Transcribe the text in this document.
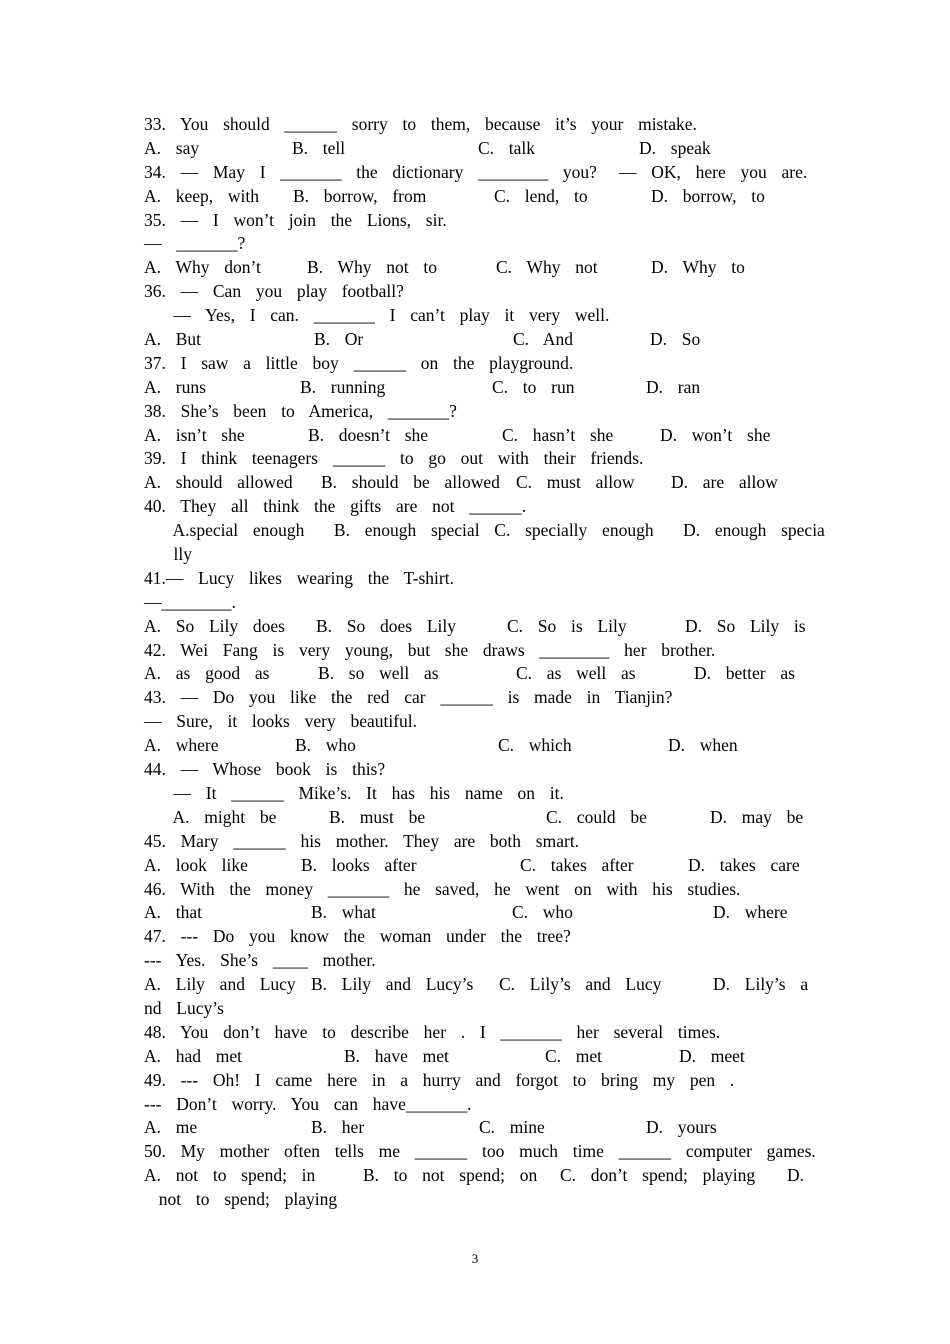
33.  You  should  ______  sorry  to  them,  because  it’s  your  mistake.
A.  say	B.  tell	C.  talk	D.  speak
34.  —  May  I  _______  the  dictionary  ________  you?   —  OK,  here  you  are.
A.  keep,  with B.  borrow,  from	C.  lend,  to	D.  borrow,  to
35.  —  I  won’t  join  the  Lions,  sir.
—  _______?
A.  Why  don’t	B.  Why  not  to	C.  Why  not	D.  Why  to
36.  —  Can  you  play  football?
—  Yes,  I  can.  _______  I  can’t  play  it  very  well.
A.  But	B.  Or	C.  And	D.  So
37.  I  saw  a  little  boy  ______  on  the  playground.
A.  runs	B.  running	C.  to  run	D.  ran
38.  She’s  been  to  America,  _______?
A.  isn’t  she	B.  doesn’t  she	C.  hasn’t  she	D.  won’t  she
39.  I  think  teenagers  ______  to  go  out  with  their  friends.
A.  should  allowed B.  should  be  allowed C.  must  allow D.  are  allow
40.  They  all  think  the  gifts  are  not  ______.
A.special  enough    B.  enough  special  C.  specially  enough    D.  enough  specia
lly
41.—  Lucy  likes  wearing  the  T-shirt.
—________.
A.  So  Lily  does B.  So  does  Lily	C.  So  is  Lily	D.  So  Lily  is
42.  Wei  Fang  is  very  young,  but  she  draws  ________  her  brother.
A.  as  good  as	B.  so  well  as	C.  as  well  as	D.  better  as
43.  —  Do  you  like  the  red  car  ______  is  made  in  Tianjin?
—  Sure,  it  looks  very  beautiful.
A.  where	B.  who	C.  which	D.  when
44.  —  Whose  book  is  this?
—  It  ______  Mike’s.  It  has  his  name  on  it.
A.  might  be	B.  must  be	C.  could  be	D.  may  be
45.  Mary  ______  his  mother.  They  are  both  smart.
A.  look  like	B.  looks  after	C.  takes  after	D.  takes  care
46.  With  the  money  _______  he  saved,  he  went  on  with  his  studies.
A.  that	B.  what	C.  who	D.  where
47.  ---  Do  you  know  the  woman  under  the  tree?
---  Yes.  She’s  ____  mother.
A.  Lily  and  Lucy B.  Lily  and  Lucy’s C.  Lily’s  and  Lucy	D.  Lily’s  a
nd  Lucy’s
48.  You  don’t  have  to  describe  her  .  I  _______  her  several  times.
A.  had  met	B.  have  met	C.  met	D.  meet
49.  ---  Oh!  I  came  here  in  a  hurry  and  forgot  to  bring  my  pen  .
---  Don’t  worry.  You  can  have_______.
A.  me	B.  her	C.  mine	D.  yours
50.  My  mother  often  tells  me  ______  too  much  time  ______  computer  games.
A.  not  to  spend;  in	B.  to  not  spend;  on C.  don’t  spend;  playing D.
not  to  spend;  playing
3
